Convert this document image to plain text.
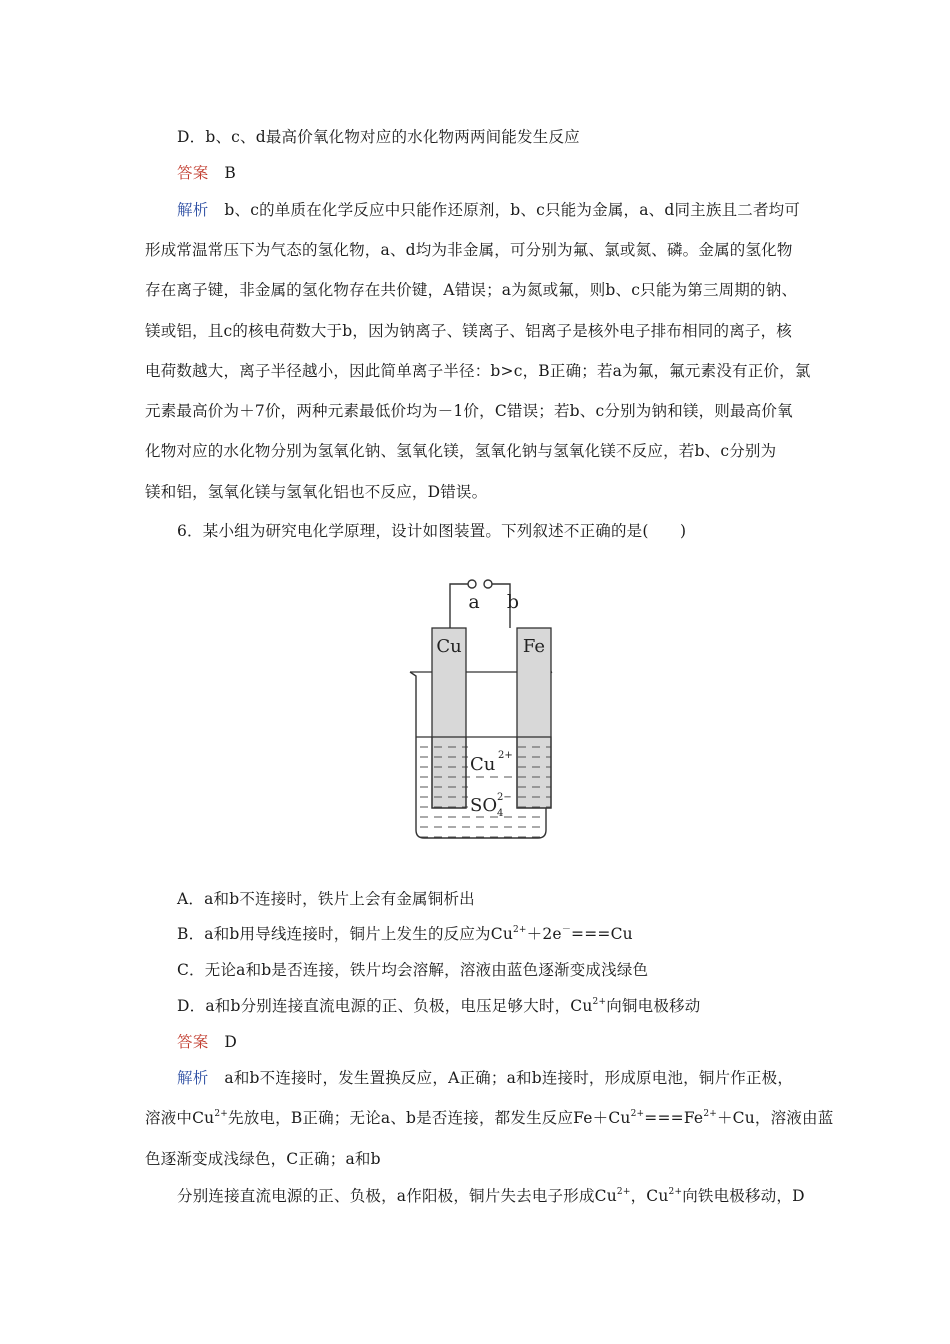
D．b、c、d最高价氧化物对应的水化物两两间能发生反应
答案 B
解析 b、c的单质在化学反应中只能作还原剂，b、c只能为金属，a、d同主族且二者均可
形成常温常压下为气态的氢化物，a、d均为非金属，可分别为氟、氯或氮、磷。金属的氢化物
存在离子键，非金属的氢化物存在共价键，A错误；a为氮或氟，则b、c只能为第三周期的钠、
镁或铝，且c的核电荷数大于b，因为钠离子、镁离子、铝离子是核外电子排布相同的离子，核
电荷数越大，离子半径越小，因此简单离子半径：b>c，B正确；若a为氟，氟元素没有正价，氯
元素最高价为＋7价，两种元素最低价均为－1价，C错误；若b、c分别为钠和镁，则最高价氧
化物对应的水化物分别为氢氧化钠、氢氧化镁，氢氧化钠与氢氧化镁不反应，若b、c分别为
镁和铝，氢氧化镁与氢氧化铝也不反应，D错误。
6．某小组为研究电化学原理，设计如图装置。下列叙述不正确的是(　　)
a b
Cu	Fe
Cu 2+
SO 4
2−
A．a和b不连接时，铁片上会有金属铜析出
B．a和b用导线连接时，铜片上发生的反应为$Cu^{2+}+2e^-===Cu$
C．无论a和b是否连接，铁片均会溶解，溶液由蓝色逐渐变成浅绿色
D．a和b分别连接直流电源的正、负极，电压足够大时，$Cu^{2+}$向铜电极移动
答案 D
解析 a和b不连接时，发生置换反应，A正确；a和b连接时，形成原电池，铜片作正极，
溶液中$Cu^{2+}$先放电，B正确；无论a、b是否连接，都发生反应$Fe+Cu^{2+}===Fe^{2+}+Cu$，溶液由蓝
色逐渐变成浅绿色，C正确；a和b
分别连接直流电源的正、负极，a作阳极，铜片失去电子形成$Cu^{2+}$，$Cu^{2+}$向铁电极移动，D
